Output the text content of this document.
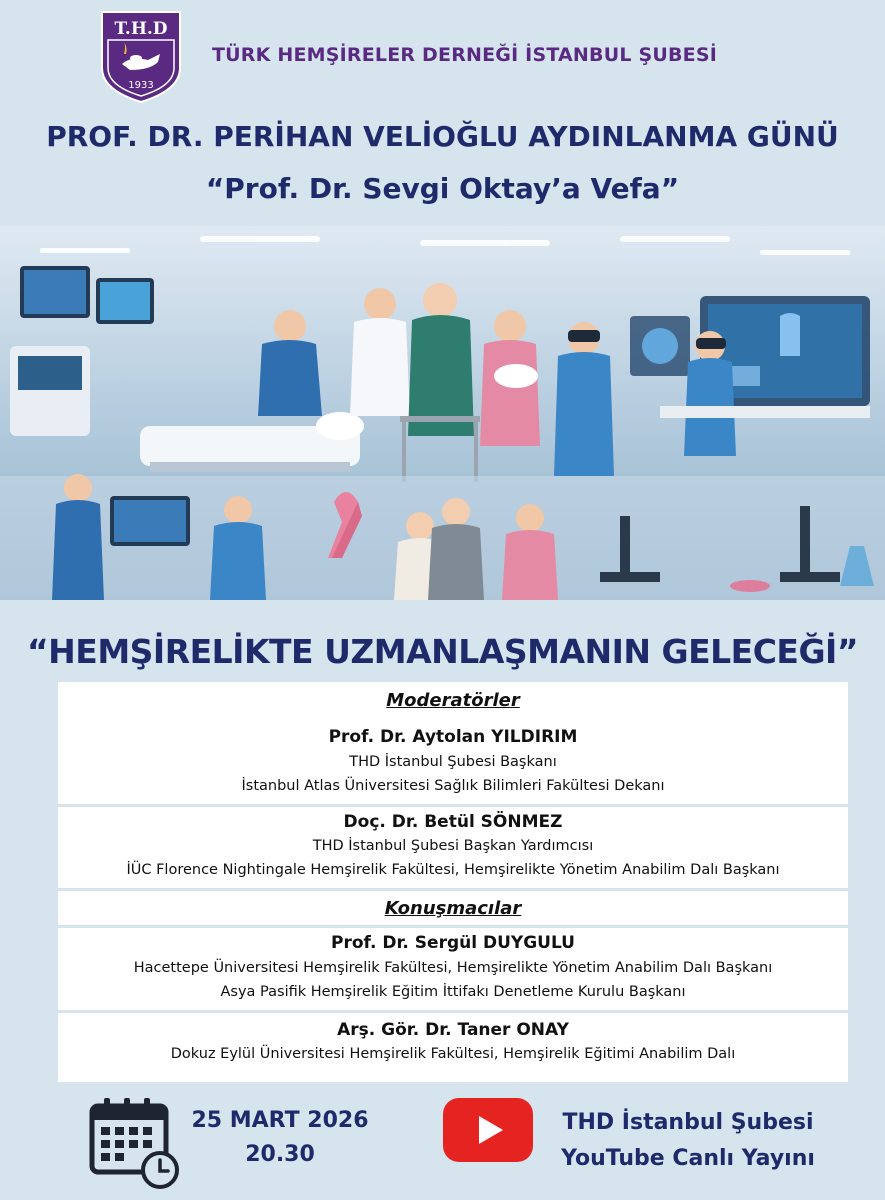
T.H.D
1933
TÜRK HEMŞİRELER DERNEĞİ İSTANBUL ŞUBESİ
PROF. DR. PERİHAN VELİOĞLU AYDINLANMA GÜNÜ
“Prof. Dr. Sevgi Oktay’a Vefa”
“HEMŞİRELİKTE UZMANLAŞMANIN GELECEĞİ”
Moderatörler
Prof. Dr. Aytolan YILDIRIM
THD İstanbul Şubesi Başkanı
İstanbul Atlas Üniversitesi Sağlık Bilimleri Fakültesi Dekanı
Doç. Dr. Betül SÖNMEZ
THD İstanbul Şubesi Başkan Yardımcısı
İÜC Florence Nightingale Hemşirelik Fakültesi, Hemşirelikte Yönetim Anabilim Dalı Başkanı
Konuşmacılar
Prof. Dr. Sergül DUYGULU
Hacettepe Üniversitesi Hemşirelik Fakültesi, Hemşirelikte Yönetim Anabilim Dalı Başkanı
Asya Pasifik Hemşirelik Eğitim İttifakı Denetleme Kurulu Başkanı
Arş. Gör. Dr. Taner ONAY
Dokuz Eylül Üniversitesi Hemşirelik Fakültesi, Hemşirelik Eğitimi Anabilim Dalı
25 MART 2026
20.30
THD İstanbul Şubesi
YouTube Canlı Yayını
